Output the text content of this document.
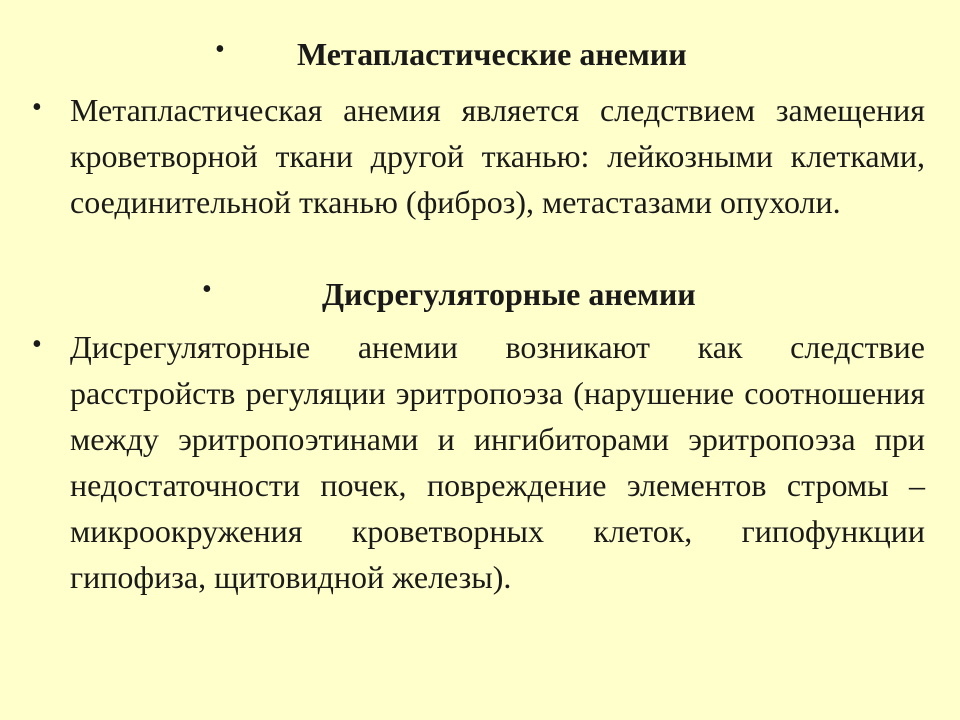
• Метапластические анемии
• Метапластическая анемия является следствием замещения кроветворной ткани другой тканью: лейкозными клетками, соединительной тканью (фиброз), метастазами опухоли.
•	Дисрегуляторные анемии
• Дисрегуляторные анемии возникают как следствие расстройств регуляции эритропоэза (нарушение соотношения между эритропоэтинами и ингибиторами эритропоэза при недостаточности почек, повреждение элементов стромы – микроокружения кроветворных клеток, гипофункции гипофиза, щитовидной железы).
